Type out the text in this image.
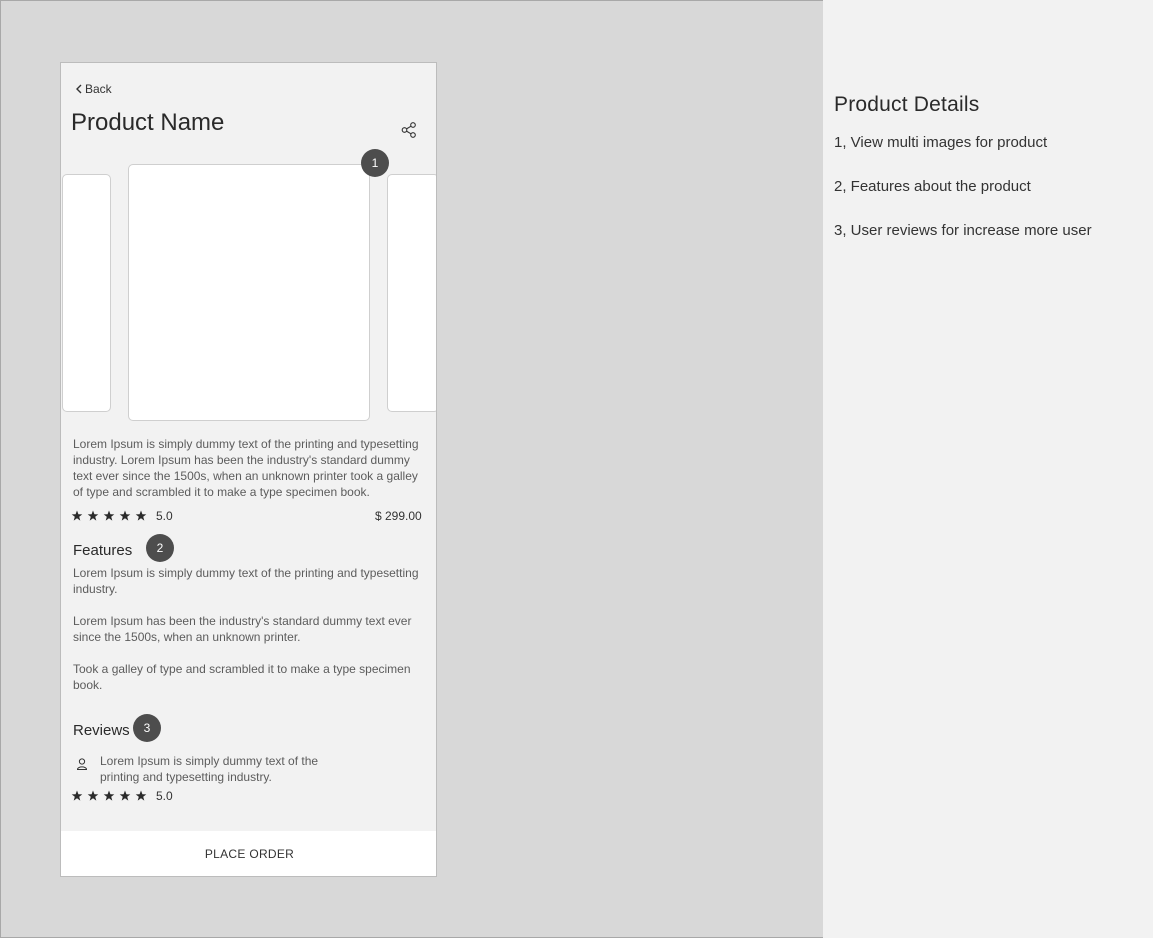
Back
Product Name
1
Lorem Ipsum is simply dummy text of the printing and typesetting industry. Lorem Ipsum has been the industry's standard dummy text ever since the 1500s, when an unknown printer took a galley of type and scrambled it to make a type specimen book.
5.0	$ 299.00
Features	2
Lorem Ipsum is simply dummy text of the printing and typesetting industry.
Lorem Ipsum has been the industry's standard dummy text ever since the 1500s, when an unknown printer.
Took a galley of type and scrambled it to make a type specimen book.
Reviews	3
Lorem Ipsum is simply dummy text of the printing and typesetting industry.
5.0
PLACE ORDER
Product Details
1, View multi images for product
2, Features about the product
3, User reviews for increase more user
